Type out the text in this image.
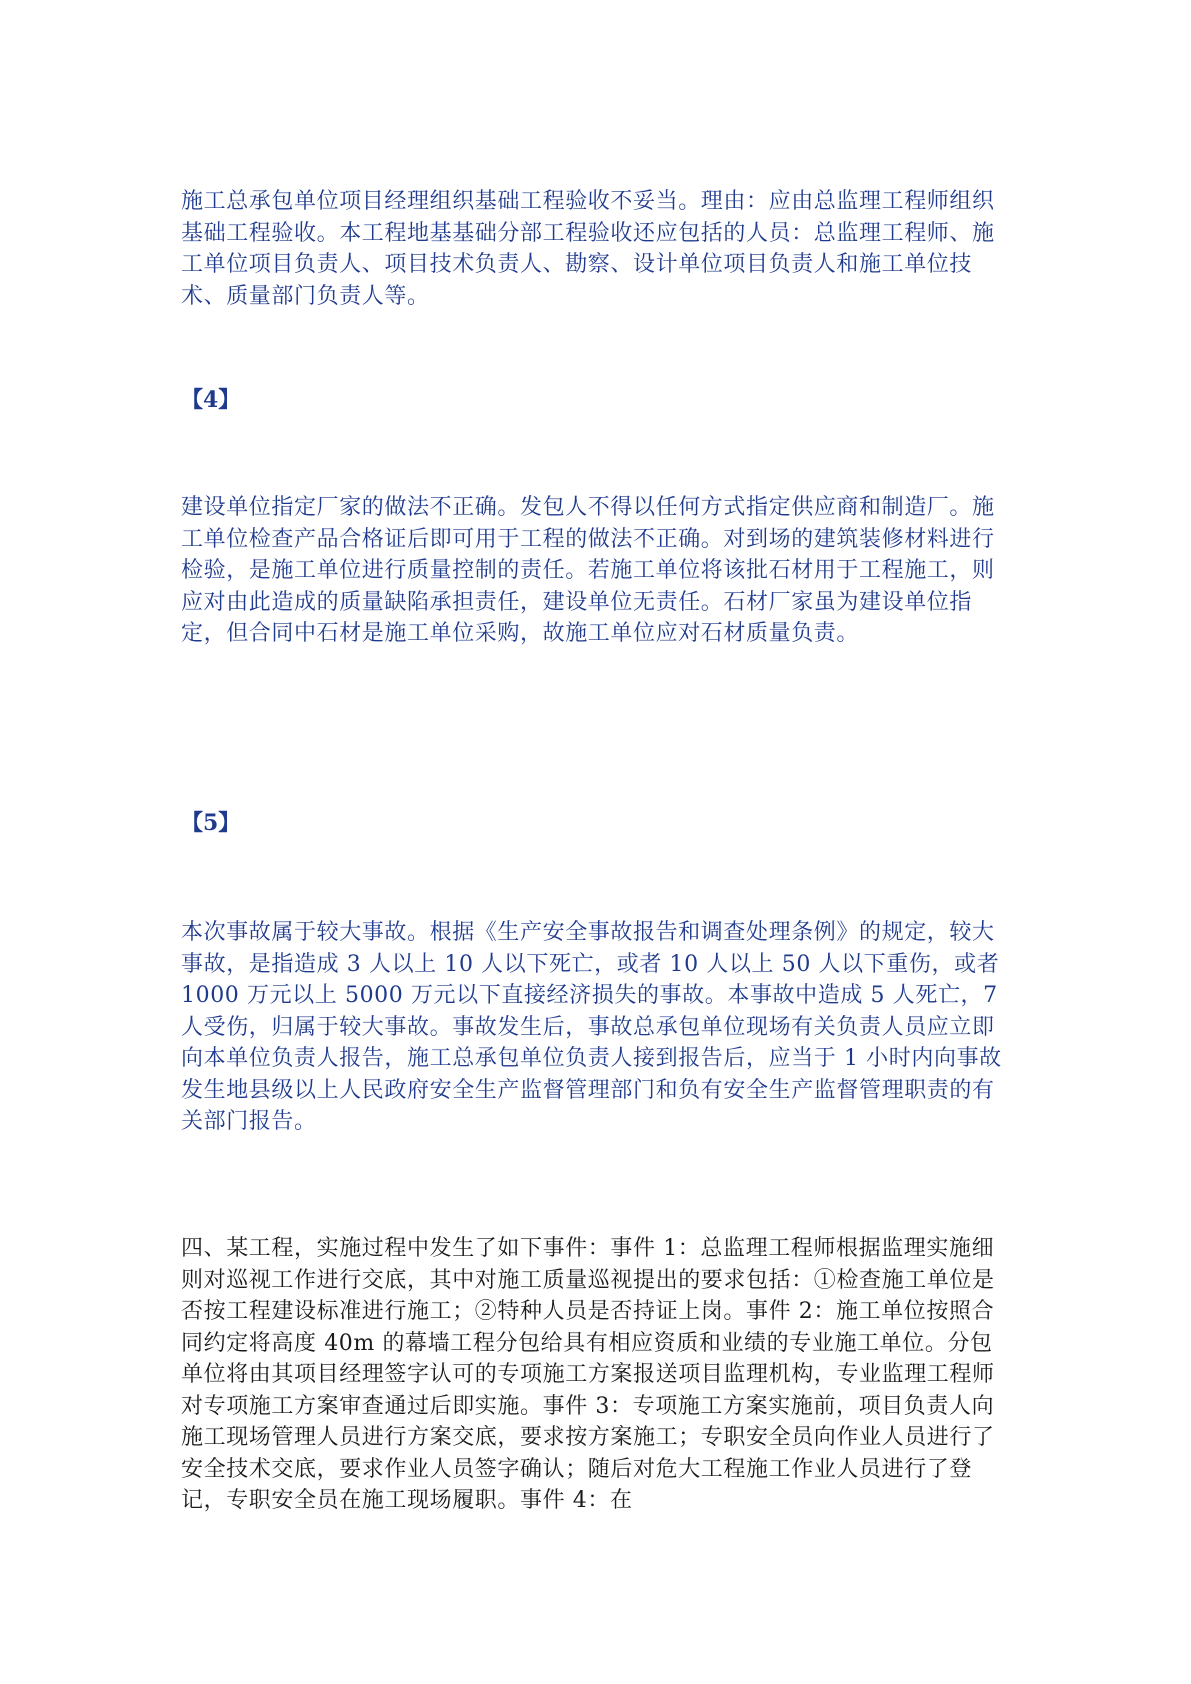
施工总承包单位项目经理组织基础工程验收不妥当。理由：应由总监理工程师组织基础工程验收。本工程地基基础分部工程验收还应包括的人员：总监理工程师、施工单位项目负责人、项目技术负责人、勘察、设计单位项目负责人和施工单位技术、质量部门负责人等。

【4】

建设单位指定厂家的做法不正确。发包人不得以任何方式指定供应商和制造厂。施工单位检查产品合格证后即可用于工程的做法不正确。对到场的建筑装修材料进行检验，是施工单位进行质量控制的责任。若施工单位将该批石材用于工程施工，则应对由此造成的质量缺陷承担责任，建设单位无责任。石材厂家虽为建设单位指定，但合同中石材是施工单位采购，故施工单位应对石材质量负责。

【5】

本次事故属于较大事故。根据《生产安全事故报告和调查处理条例》的规定，较大事故，是指造成 3 人以上 10 人以下死亡，或者 10 人以上 50 人以下重伤，或者 1000 万元以上 5000 万元以下直接经济损失的事故。本事故中造成 5 人死亡，7 人受伤，归属于较大事故。事故发生后，事故总承包单位现场有关负责人员应立即向本单位负责人报告，施工总承包单位负责人接到报告后，应当于 1 小时内向事故发生地县级以上人民政府安全生产监督管理部门和负有安全生产监督管理职责的有关部门报告。

四、某工程，实施过程中发生了如下事件：事件 1：总监理工程师根据监理实施细则对巡视工作进行交底，其中对施工质量巡视提出的要求包括：①检查施工单位是否按工程建设标准进行施工；②特种人员是否持证上岗。事件 2：施工单位按照合同约定将高度 40m 的幕墙工程分包给具有相应资质和业绩的专业施工单位。分包单位将由其项目经理签字认可的专项施工方案报送项目监理机构，专业监理工程师对专项施工方案审查通过后即实施。事件 3：专项施工方案实施前，项目负责人向施工现场管理人员进行方案交底，要求按方案施工；专职安全员向作业人员进行了安全技术交底，要求作业人员签字确认；随后对危大工程施工作业人员进行了登记，专职安全员在施工现场履职。事件 4：在
